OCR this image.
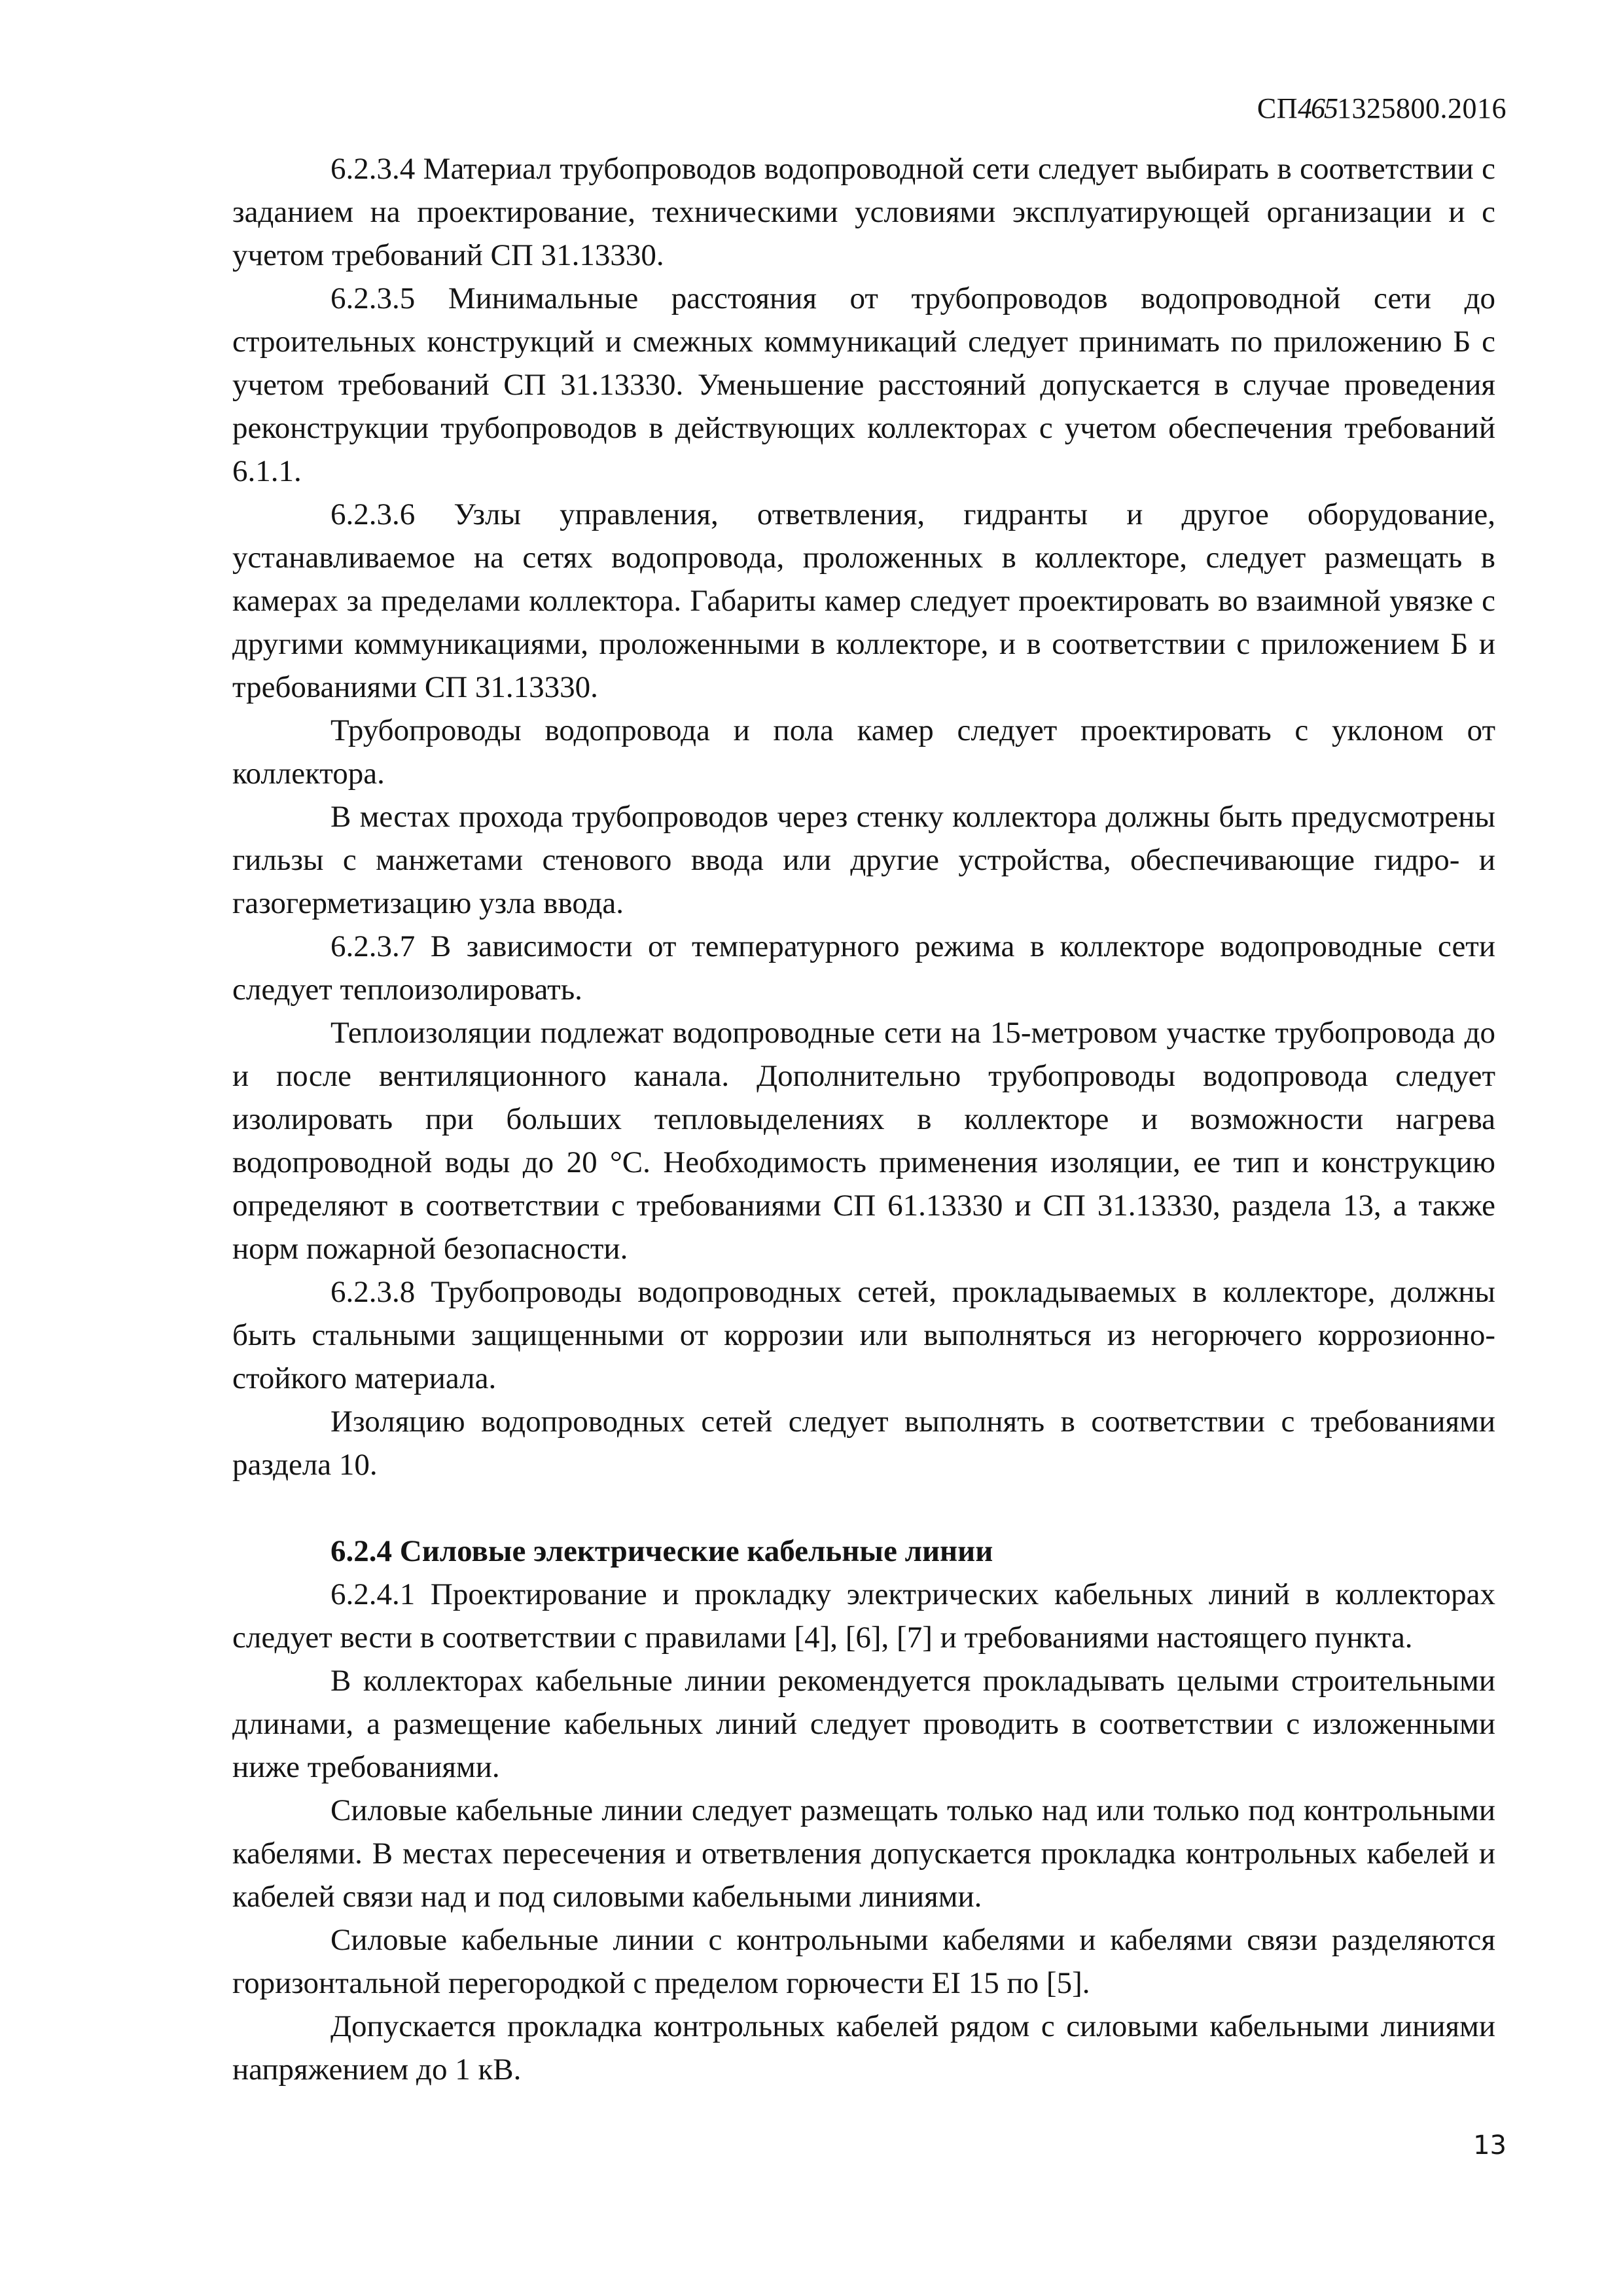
СП4651325800.2016

6.2.3.4 Материал трубопроводов водопроводной сети следует выбирать в соответствии с заданием на проектирование, техническими условиями эксплуатирующей организации и с учетом требований СП 31.13330.

6.2.3.5 Минимальные расстояния от трубопроводов водопроводной сети до строительных конструкций и смежных коммуникаций следует принимать по приложению Б с учетом требований СП 31.13330. Уменьшение расстояний допускается в случае проведения реконструкции трубопроводов в действующих коллекторах с учетом обеспечения требований 6.1.1.

6.2.3.6 Узлы управления, ответвления, гидранты и другое оборудование, устанавливаемое на сетях водопровода, проложенных в коллекторе, следует размещать в камерах за пределами коллектора. Габариты камер следует проектировать во взаимной увязке с другими коммуникациями, проложенными в коллекторе, и в соответствии с приложением Б и требованиями СП 31.13330.

Трубопроводы водопровода и пола камер следует проектировать с уклоном от коллектора.

В местах прохода трубопроводов через стенку коллектора должны быть предусмотрены гильзы с манжетами стенового ввода или другие устройства, обеспечивающие гидро- и газогерметизацию узла ввода.

6.2.3.7 В зависимости от температурного режима в коллекторе водопроводные сети следует теплоизолировать.

Теплоизоляции подлежат водопроводные сети на 15-метровом участке трубопровода до и после вентиляционного канала. Дополнительно трубопроводы водопровода следует изолировать при больших тепловыделениях в коллекторе и возможности нагрева водопроводной воды до 20 °С. Необходимость применения изоляции, ее тип и конструкцию определяют в соответствии с требованиями СП 61.13330 и СП 31.13330, раздела 13, а также норм пожарной безопасности.

6.2.3.8 Трубопроводы водопроводных сетей, прокладываемых в коллекторе, должны быть стальными защищенными от коррозии или выполняться из негорючего коррозионно-стойкого материала.

Изоляцию водопроводных сетей следует выполнять в соответствии с требованиями раздела 10.

6.2.4 Силовые электрические кабельные линии

6.2.4.1 Проектирование и прокладку электрических кабельных линий в коллекторах следует вести в соответствии с правилами [4], [6], [7] и требованиями настоящего пункта.

В коллекторах кабельные линии рекомендуется прокладывать целыми строительными длинами, а размещение кабельных линий следует проводить в соответствии с изложенными ниже требованиями.

Силовые кабельные линии следует размещать только над или только под контрольными кабелями. В местах пересечения и ответвления допускается прокладка контрольных кабелей и кабелей связи над и под силовыми кабельными линиями.

Силовые кабельные линии с контрольными кабелями и кабелями связи разделяются горизонтальной перегородкой с пределом горючести EI 15 по [5].

Допускается прокладка контрольных кабелей рядом с силовыми кабельными линиями напряжением до 1 кВ.

13
